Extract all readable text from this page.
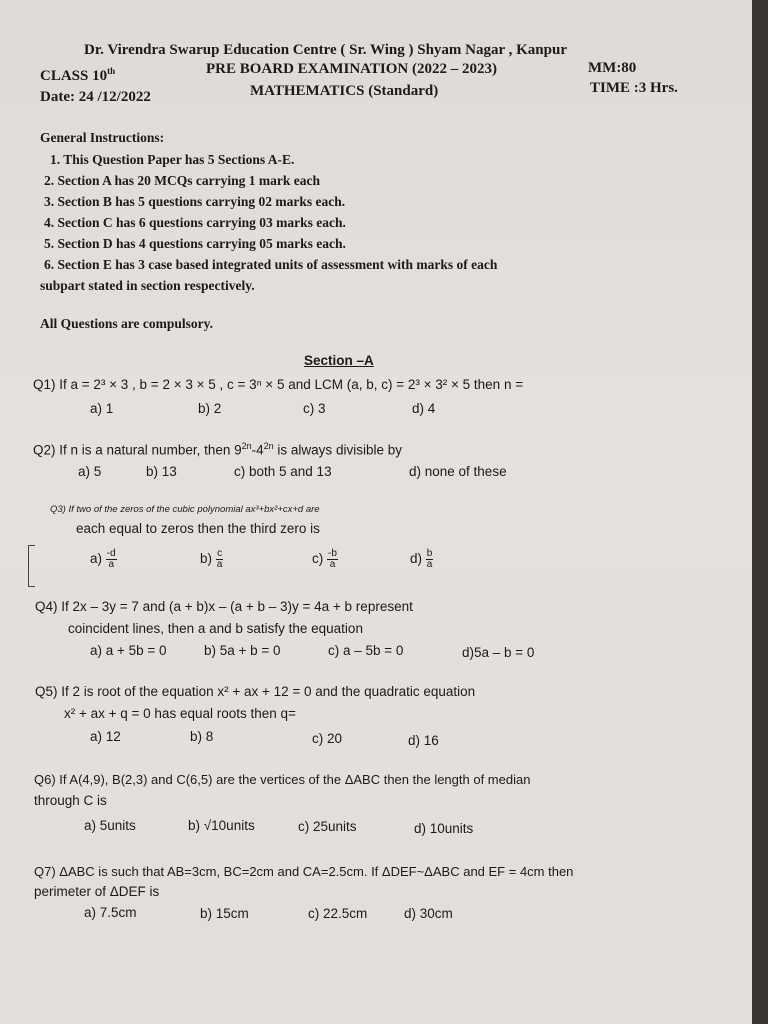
Dr. Virendra Swarup Education Centre ( Sr. Wing ) Shyam Nagar , Kanpur
CLASS 10th	PRE BOARD EXAMINATION (2022 – 2023)	MM:80
Date: 24 /12/2022	MATHEMATICS (Standard)	TIME :3 Hrs.
General Instructions:
1. This Question Paper has 5 Sections A-E.
2. Section A has 20 MCQs carrying 1 mark each
3. Section B has 5 questions carrying 02 marks each.
4. Section C has 6 questions carrying 03 marks each.
5. Section D has 4 questions carrying 05 marks each.
6. Section E has 3 case based integrated units of assessment with marks of each
subpart stated in section respectively.
All Questions are compulsory.
Section –A
Q1) If a = 2³ × 3 , b = 2 × 3 × 5 , c = 3ⁿ × 5 and LCM (a, b, c) = 2³ × 3² × 5 then n =
a) 1	b) 2	c) 3	d) 4
Q2) If n is a natural number, then $9^{2n}-4^{2n}$ is always divisible by
a) 5	b) 13	c) both 5 and 13	d) none of these
Q3) If two of the zeros of the cubic polynomial ax³+bx²+cx+d are
each equal to zeros then the third zero is
$a) \frac{-d}{a}$	$b) \frac{c}{a}$	$c) \frac{-b}{a}$	$d) \frac{b}{a}$
Q4) If 2x – 3y = 7 and (a + b)x – (a + b – 3)y = 4a + b represent
coincident lines, then a and b satisfy the equation
a) a + 5b = 0	b) 5a + b = 0	c) a – 5b = 0	d)5a – b = 0
Q5) If 2 is root of the equation x² + ax + 12 = 0 and the quadratic equation
x² + ax + q = 0 has equal roots then q=
a) 12	b) 8	c) 20	d) 16
Q6) If A(4,9), B(2,3) and C(6,5) are the vertices of the ΔABC then the length of median
through C is
a) 5units	b) √10units	c) 25units	d) 10units
Q7) ΔABC is such that AB=3cm, BC=2cm and CA=2.5cm. If ΔDEF~ΔABC and EF = 4cm then
perimeter of ΔDEF is
a) 7.5cm	b) 15cm	c) 22.5cm	d) 30cm
